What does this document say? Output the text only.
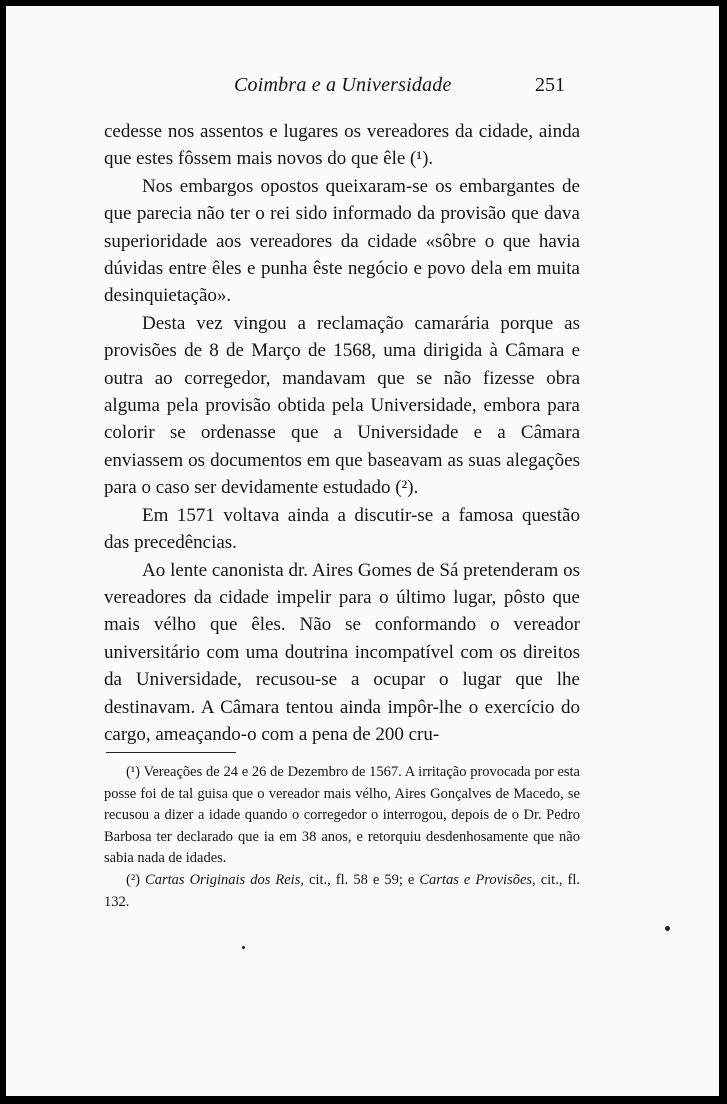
Coimbra e a Universidade	251

cedesse nos assentos e lugares os vereadores da cidade, ainda que estes fôssem mais novos do que êle (¹).

Nos embargos opostos queixaram-se os embargantes de que parecia não ter o rei sido informado da provisão que dava superioridade aos vereadores da cidade «sôbre o que havia dúvidas entre êles e punha êste negócio e povo dela em muita desinquietação».

Desta vez vingou a reclamação camarária porque as provisões de 8 de Março de 1568, uma dirigida à Câmara e outra ao corregedor, mandavam que se não fizesse obra alguma pela provisão obtida pela Universidade, embora para colorir se ordenasse que a Universidade e a Câmara enviassem os documentos em que baseavam as suas alegações para o caso ser devidamente estudado (²).

Em 1571 voltava ainda a discutir-se a famosa questão das precedências.

Ao lente canonista dr. Aires Gomes de Sá pretenderam os vereadores da cidade impelir para o último lugar, pôsto que mais vélho que êles. Não se conformando o vereador universitário com uma doutrina incompatível com os direitos da Universidade, recusou-se a ocupar o lugar que lhe destinavam. A Câmara tentou ainda impôr-lhe o exercício do cargo, ameaçando-o com a pena de 200 cru-

(¹) Vereações de 24 e 26 de Dezembro de 1567. A irritação provocada por esta posse foi de tal guisa que o vereador mais vélho, Aires Gonçalves de Macedo, se recusou a dizer a idade quando o corregedor o interrogou, depois de o Dr. Pedro Barbosa ter declarado que ia em 38 anos, e retorquiu desdenhosamente que não sabia nada de idades.

(²) Cartas Originais dos Reis, cit., fl. 58 e 59; e Cartas e Provisões, cit., fl. 132.
